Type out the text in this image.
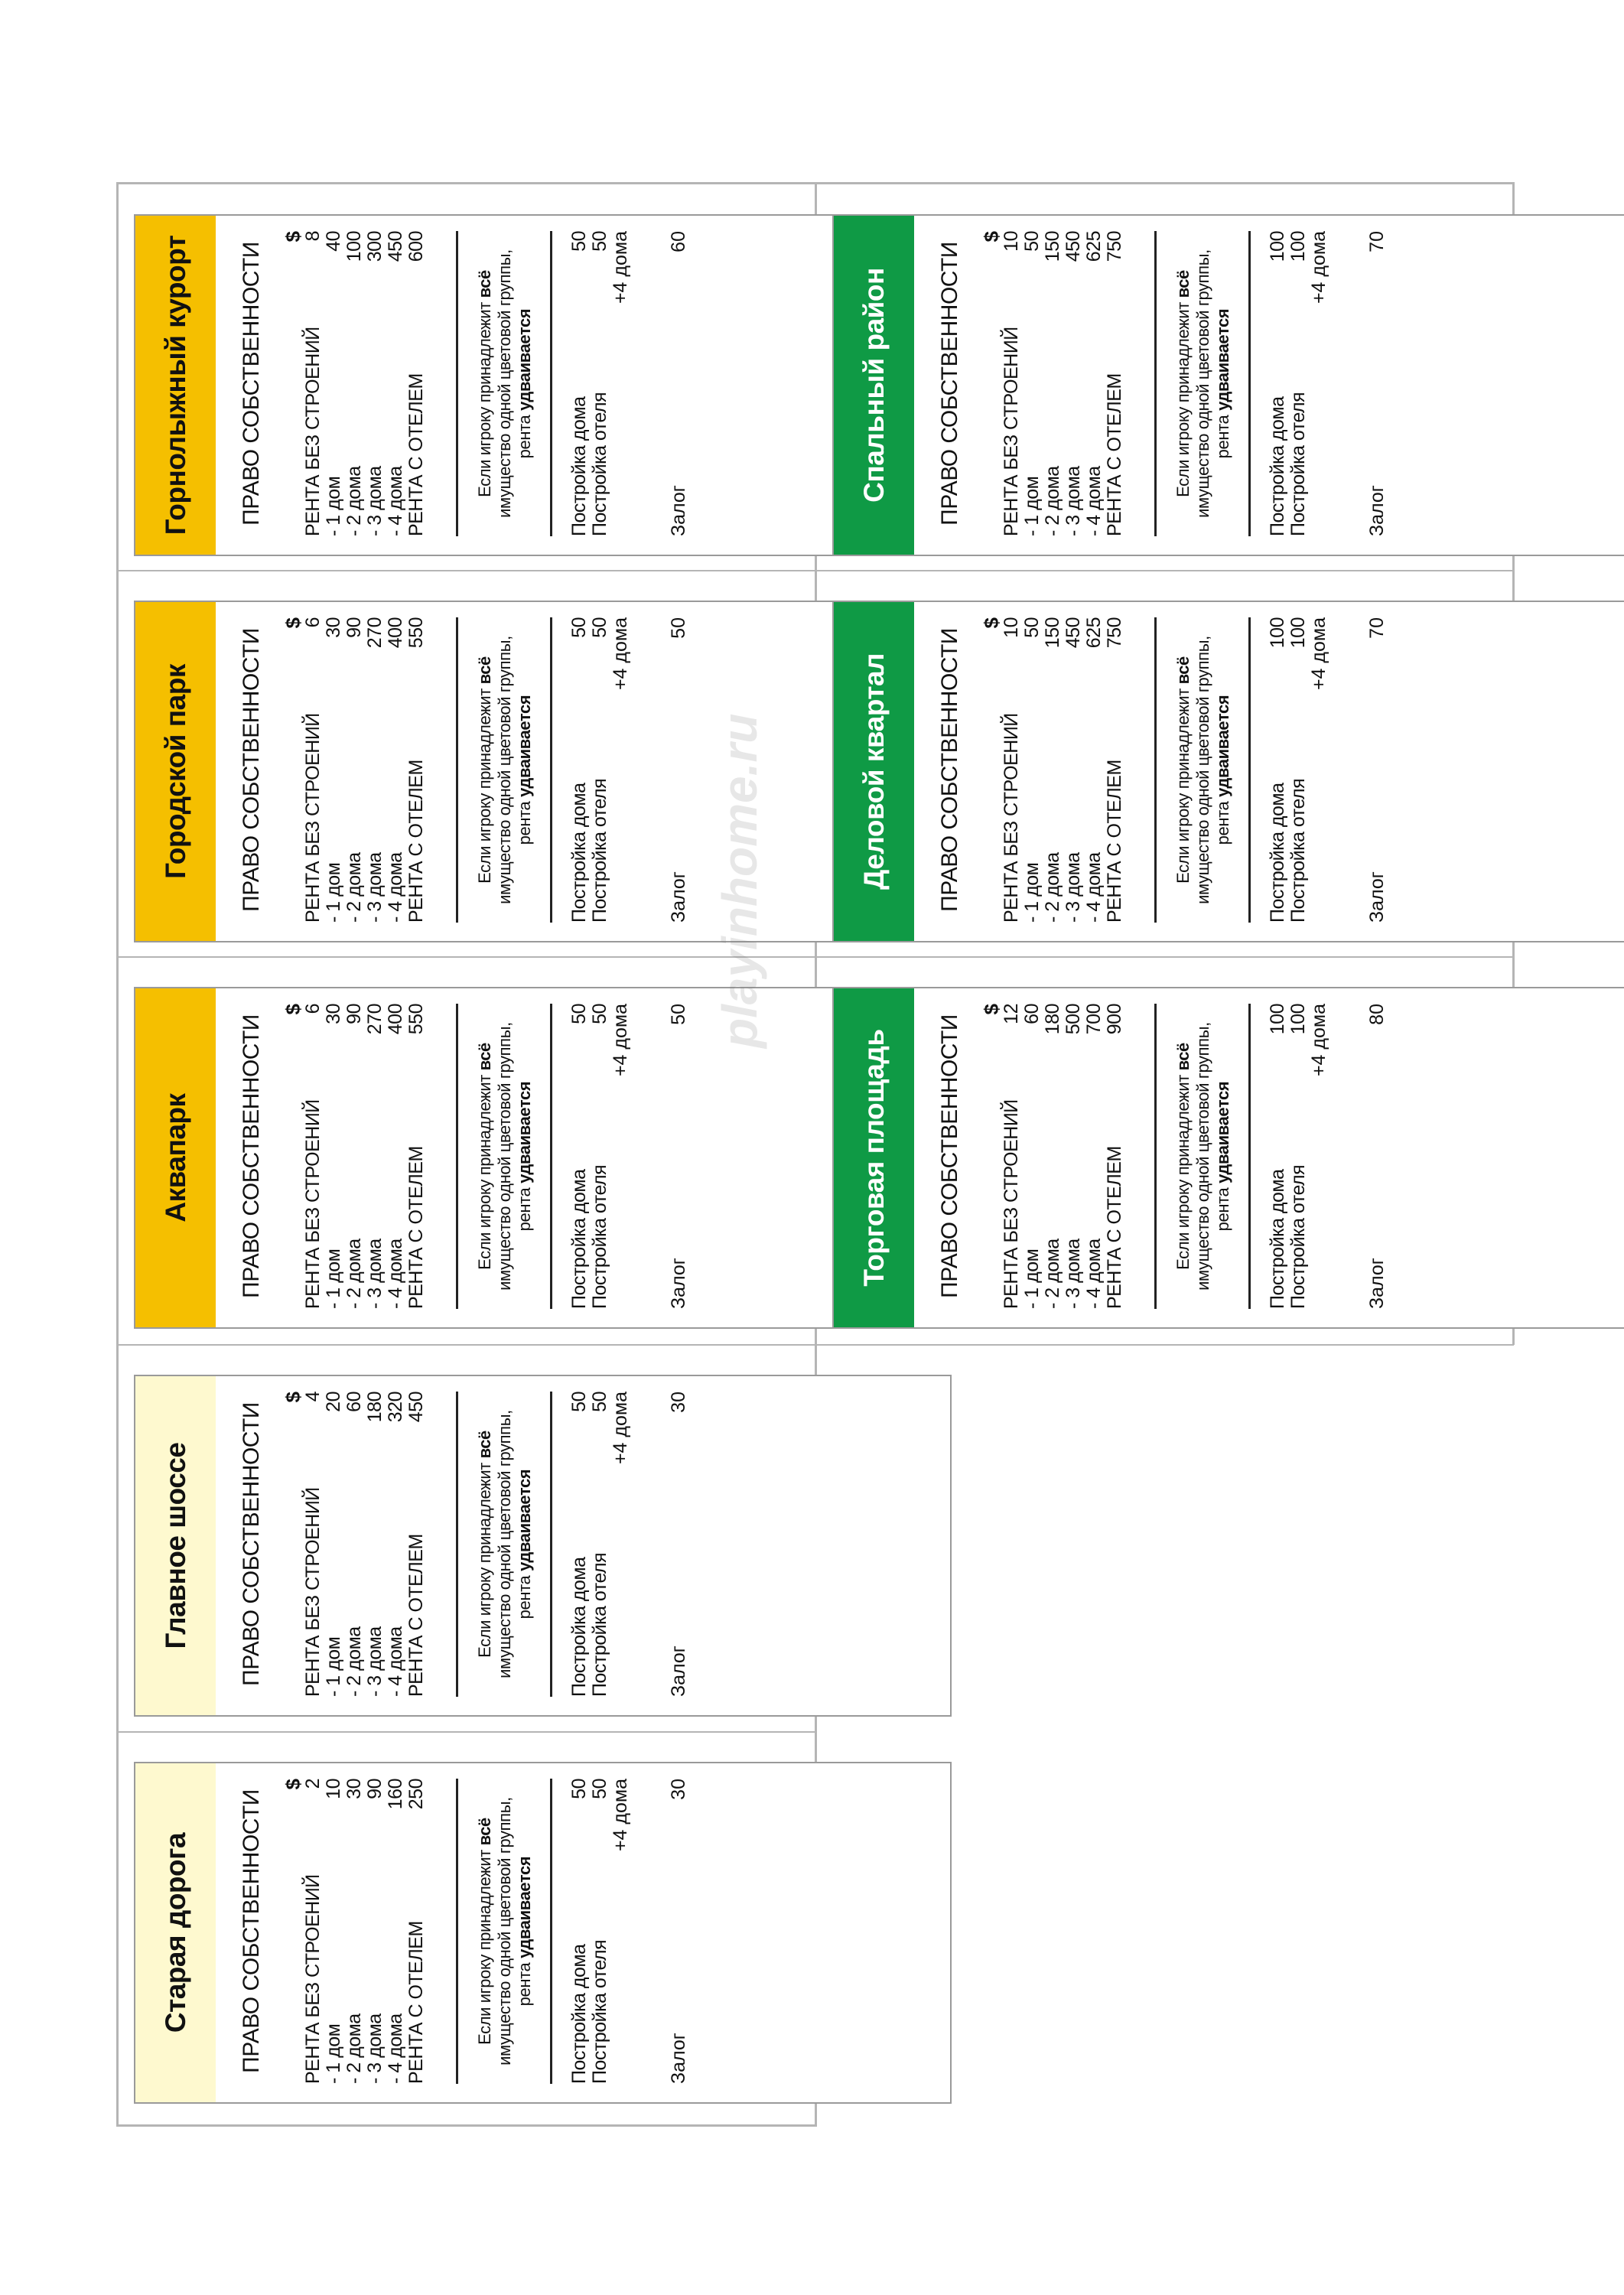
Старая дорога ПРАВО СОБСТВЕННОСТИ
$
РЕНТА БЕЗ СТРОЕНИЙ
2
- 1 дом
10
- 2 дома
30
- 3 дома
90
- 4 дома
160
РЕНТА С ОТЕЛЕМ
250
Если игроку принадлежит всё имущество одной цветовой группы, рента удваивается
Постройка дома
50
Постройка отеля
50 +4 дома
Залог
30
Главное шоссе ПРАВО СОБСТВЕННОСТИ
$
РЕНТА БЕЗ СТРОЕНИЙ
4
- 1 дом
20
- 2 дома
60
- 3 дома
180
- 4 дома
320
РЕНТА С ОТЕЛЕМ
450
Если игроку принадлежит всё имущество одной цветовой группы, рента удваивается
Постройка дома
50
Постройка отеля
50 +4 дома
Залог
30
Аквапарк ПРАВО СОБСТВЕННОСТИ
$
РЕНТА БЕЗ СТРОЕНИЙ
6
- 1 дом
30
- 2 дома
90
- 3 дома
270
- 4 дома
400
РЕНТА С ОТЕЛЕМ
550
Если игроку принадлежит всё имущество одной цветовой группы, рента удваивается
Постройка дома
50
Постройка отеля
50 +4 дома
Залог
50
Городской парк ПРАВО СОБСТВЕННОСТИ
$
РЕНТА БЕЗ СТРОЕНИЙ
6
- 1 дом
30
- 2 дома
90
- 3 дома
270
- 4 дома
400
РЕНТА С ОТЕЛЕМ
550
Если игроку принадлежит всё имущество одной цветовой группы, рента удваивается
Постройка дома
50
Постройка отеля
50 +4 дома
Залог
50
Горнолыжный курорт ПРАВО СОБСТВЕННОСТИ
$
РЕНТА БЕЗ СТРОЕНИЙ
8
- 1 дом
40
- 2 дома
100
- 3 дома
300
- 4 дома
450
РЕНТА С ОТЕЛЕМ
600
Если игроку принадлежит всё имущество одной цветовой группы, рента удваивается
Постройка дома
50
Постройка отеля
50 +4 дома
Залог
60
Торговая площадь ПРАВО СОБСТВЕННОСТИ
$
РЕНТА БЕЗ СТРОЕНИЙ
12
- 1 дом
60
- 2 дома
180
- 3 дома
500
- 4 дома
700
РЕНТА С ОТЕЛЕМ
900
Если игроку принадлежит всё имущество одной цветовой группы, рента удваивается
Постройка дома
100
Постройка отеля
100 +4 дома
Залог
80
Деловой квартал ПРАВО СОБСТВЕННОСТИ
$
РЕНТА БЕЗ СТРОЕНИЙ
10
- 1 дом
50
- 2 дома
150
- 3 дома
450
- 4 дома
625
РЕНТА С ОТЕЛЕМ
750
Если игроку принадлежит всё имущество одной цветовой группы, рента удваивается
Постройка дома
100
Постройка отеля
100 +4 дома
Залог
70
Спальный район ПРАВО СОБСТВЕННОСТИ
$
РЕНТА БЕЗ СТРОЕНИЙ
10
- 1 дом
50
- 2 дома
150
- 3 дома
450
- 4 дома
625
РЕНТА С ОТЕЛЕМ
750
Если игроку принадлежит всё имущество одной цветовой группы, рента удваивается
Постройка дома
100
Постройка отеля
100 +4 дома
Залог
70
playinhome.ru
